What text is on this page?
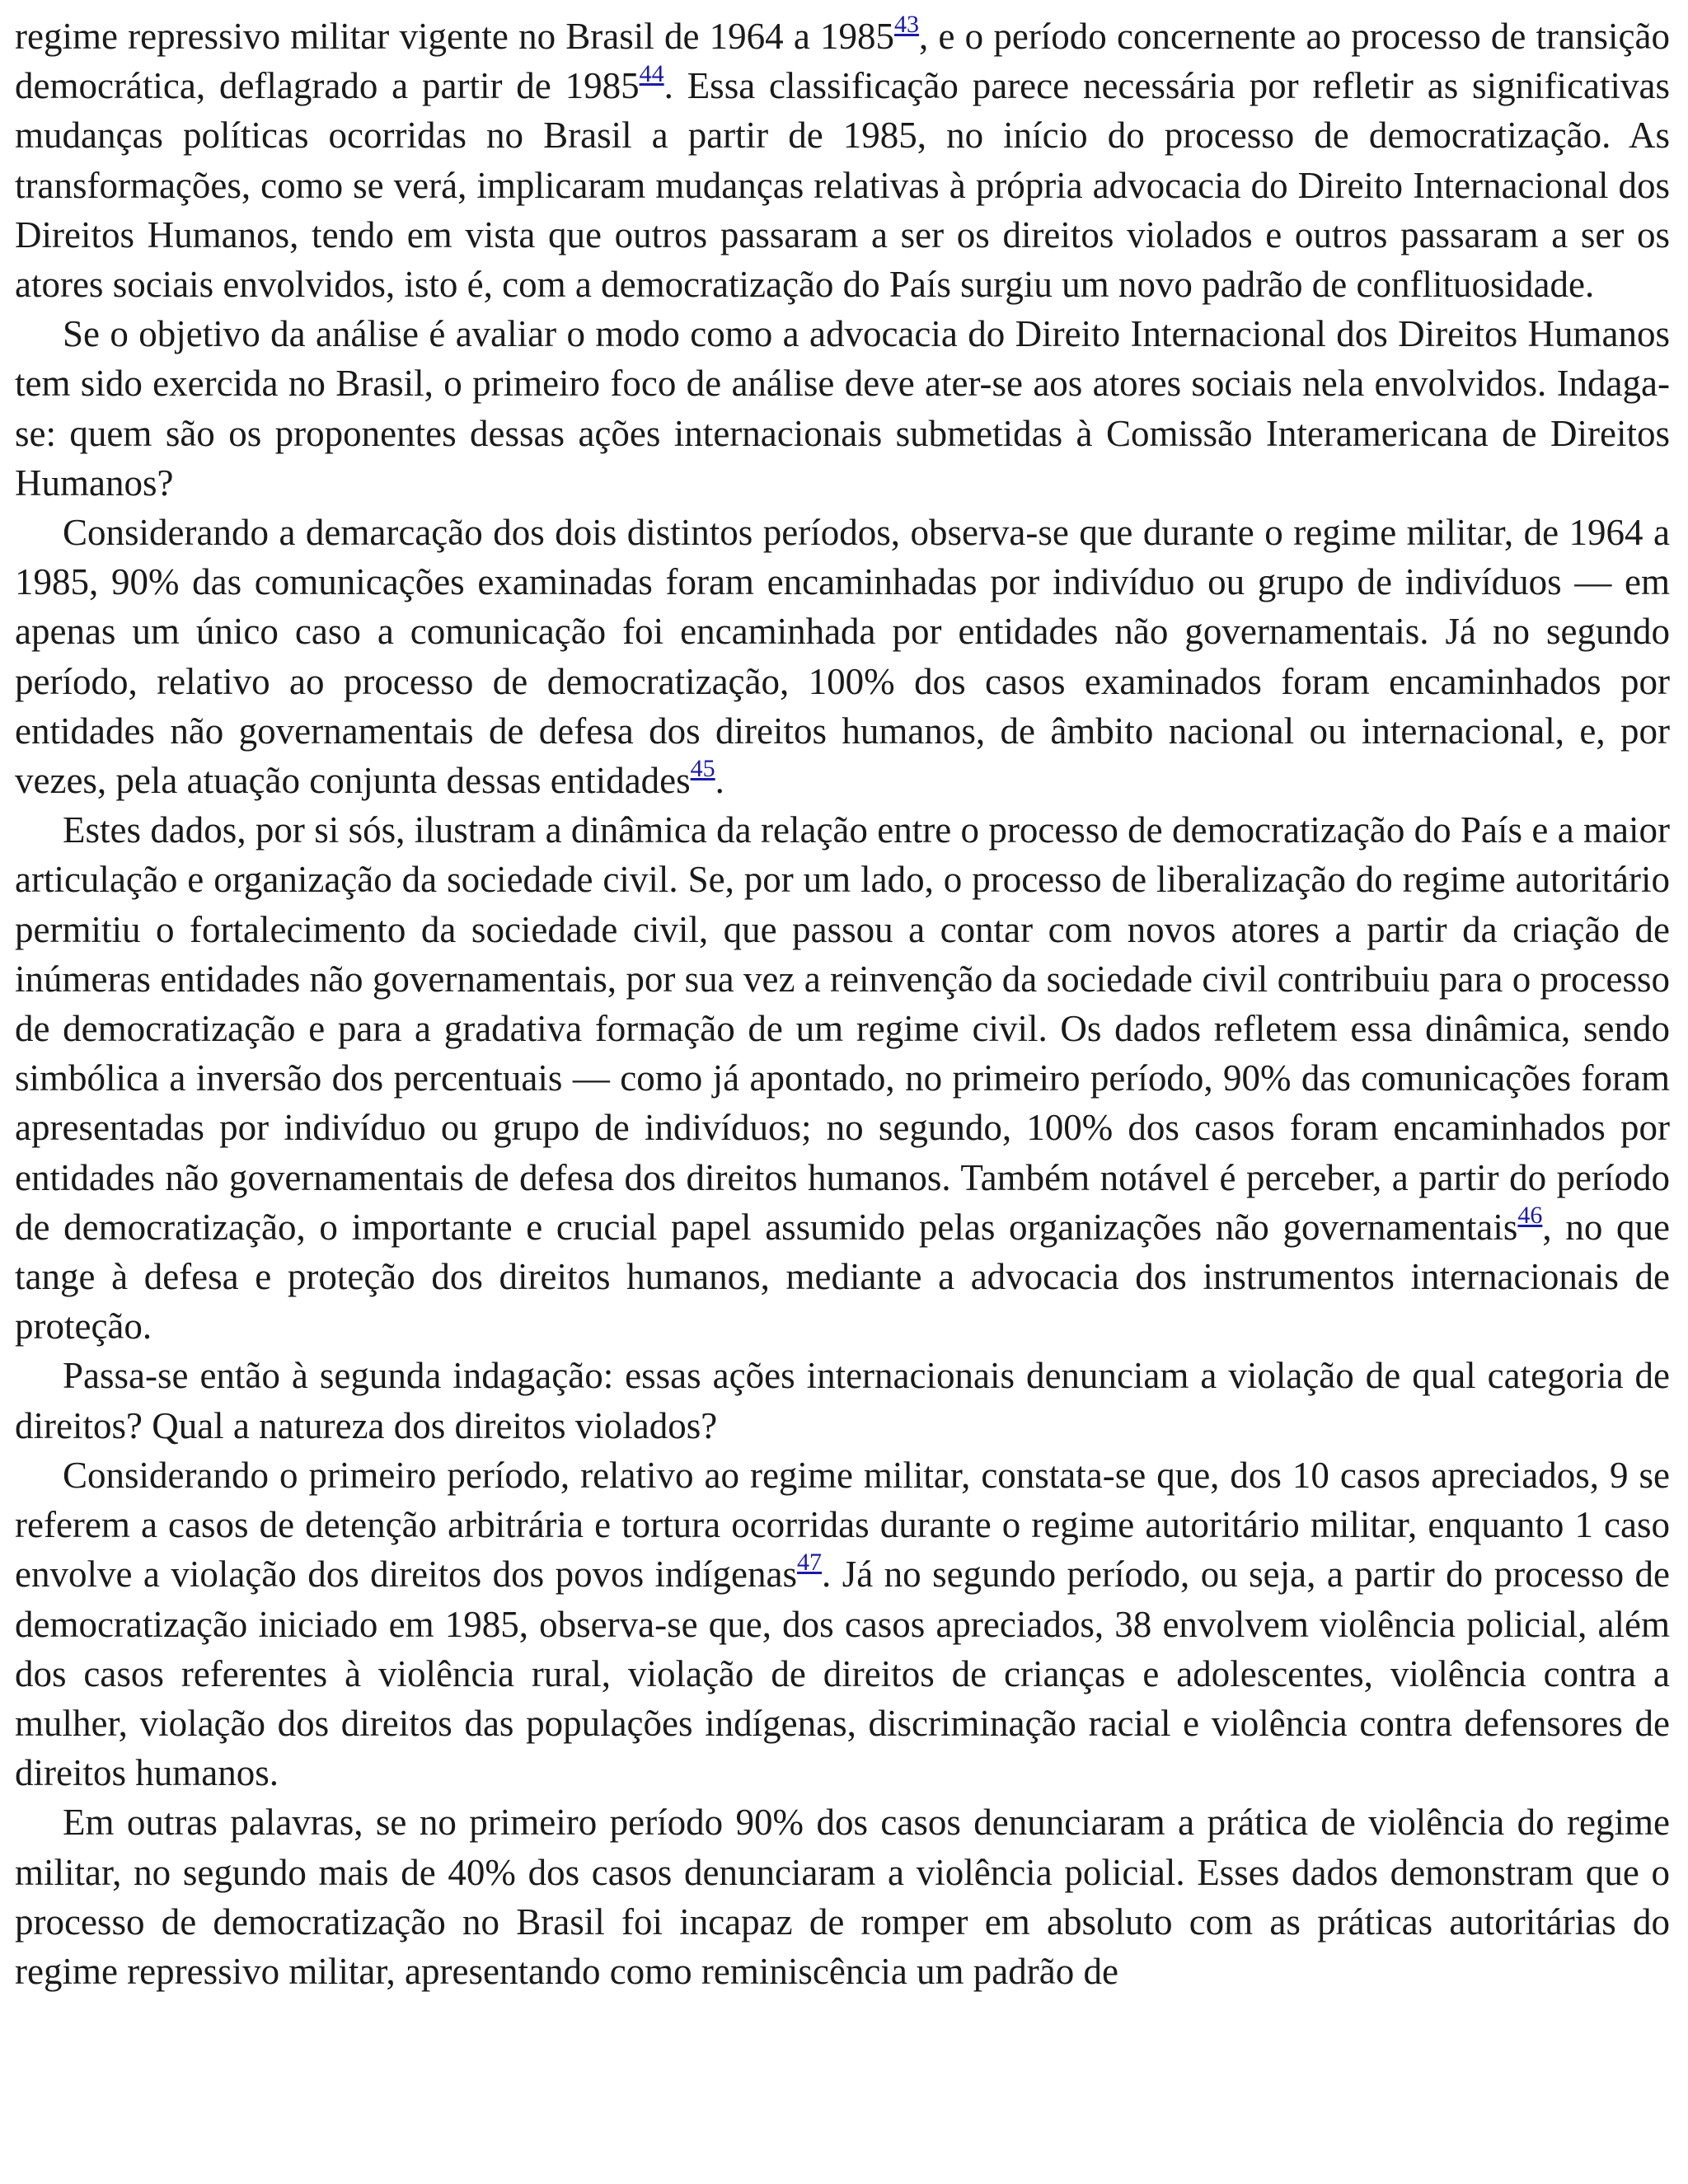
regime repressivo militar vigente no Brasil de 1964 a 1985$^{43}$, e o período concernente ao processo de transição democrática, deflagrado a partir de 1985$^{44}$. Essa classificação parece necessária por refletir as significativas mudanças políticas ocorridas no Brasil a partir de 1985, no início do processo de democratização. As transformações, como se verá, implicaram mudanças relativas à própria advocacia do Direito Internacional dos Direitos Humanos, tendo em vista que outros passaram a ser os direitos violados e outros passaram a ser os atores sociais envolvidos, isto é, com a democratização do País surgiu um novo padrão de conflituosidade.

Se o objetivo da análise é avaliar o modo como a advocacia do Direito Internacional dos Direitos Humanos tem sido exercida no Brasil, o primeiro foco de análise deve ater-se aos atores sociais nela envolvidos. Indaga-se: quem são os proponentes dessas ações internacionais submetidas à Comissão Interamericana de Direitos Humanos?

Considerando a demarcação dos dois distintos períodos, observa-se que durante o regime militar, de 1964 a 1985, 90% das comunicações examinadas foram encaminhadas por indivíduo ou grupo de indivíduos — em apenas um único caso a comunicação foi encaminhada por entidades não governamentais. Já no segundo período, relativo ao processo de democratização, 100% dos casos examinados foram encaminhados por entidades não governamentais de defesa dos direitos humanos, de âmbito nacional ou internacional, e, por vezes, pela atuação conjunta dessas entidades$^{45}$.

Estes dados, por si sós, ilustram a dinâmica da relação entre o processo de democratização do País e a maior articulação e organização da sociedade civil. Se, por um lado, o processo de liberalização do regime autoritário permitiu o fortalecimento da sociedade civil, que passou a contar com novos atores a partir da criação de inúmeras entidades não governamentais, por sua vez a reinvenção da sociedade civil contribuiu para o processo de democratização e para a gradativa formação de um regime civil. Os dados refletem essa dinâmica, sendo simbólica a inversão dos percentuais — como já apontado, no primeiro período, 90% das comunicações foram apresentadas por indivíduo ou grupo de indivíduos; no segundo, 100% dos casos foram encaminhados por entidades não governamentais de defesa dos direitos humanos. Também notável é perceber, a partir do período de democratização, o importante e crucial papel assumido pelas organizações não governamentais$^{46}$, no que tange à defesa e proteção dos direitos humanos, mediante a advocacia dos instrumentos internacionais de proteção.

Passa-se então à segunda indagação: essas ações internacionais denunciam a violação de qual categoria de direitos? Qual a natureza dos direitos violados?

Considerando o primeiro período, relativo ao regime militar, constata-se que, dos 10 casos apreciados, 9 se referem a casos de detenção arbitrária e tortura ocorridas durante o regime autoritário militar, enquanto 1 caso envolve a violação dos direitos dos povos indígenas$^{47}$. Já no segundo período, ou seja, a partir do processo de democratização iniciado em 1985, observa-se que, dos casos apreciados, 38 envolvem violência policial, além dos casos referentes à violência rural, violação de direitos de crianças e adolescentes, violência contra a mulher, violação dos direitos das populações indígenas, discriminação racial e violência contra defensores de direitos humanos.

Em outras palavras, se no primeiro período 90% dos casos denunciaram a prática de violência do regime militar, no segundo mais de 40% dos casos denunciaram a violência policial. Esses dados demonstram que o processo de democratização no Brasil foi incapaz de romper em absoluto com as práticas autoritárias do regime repressivo militar, apresentando como reminiscência um padrão de
